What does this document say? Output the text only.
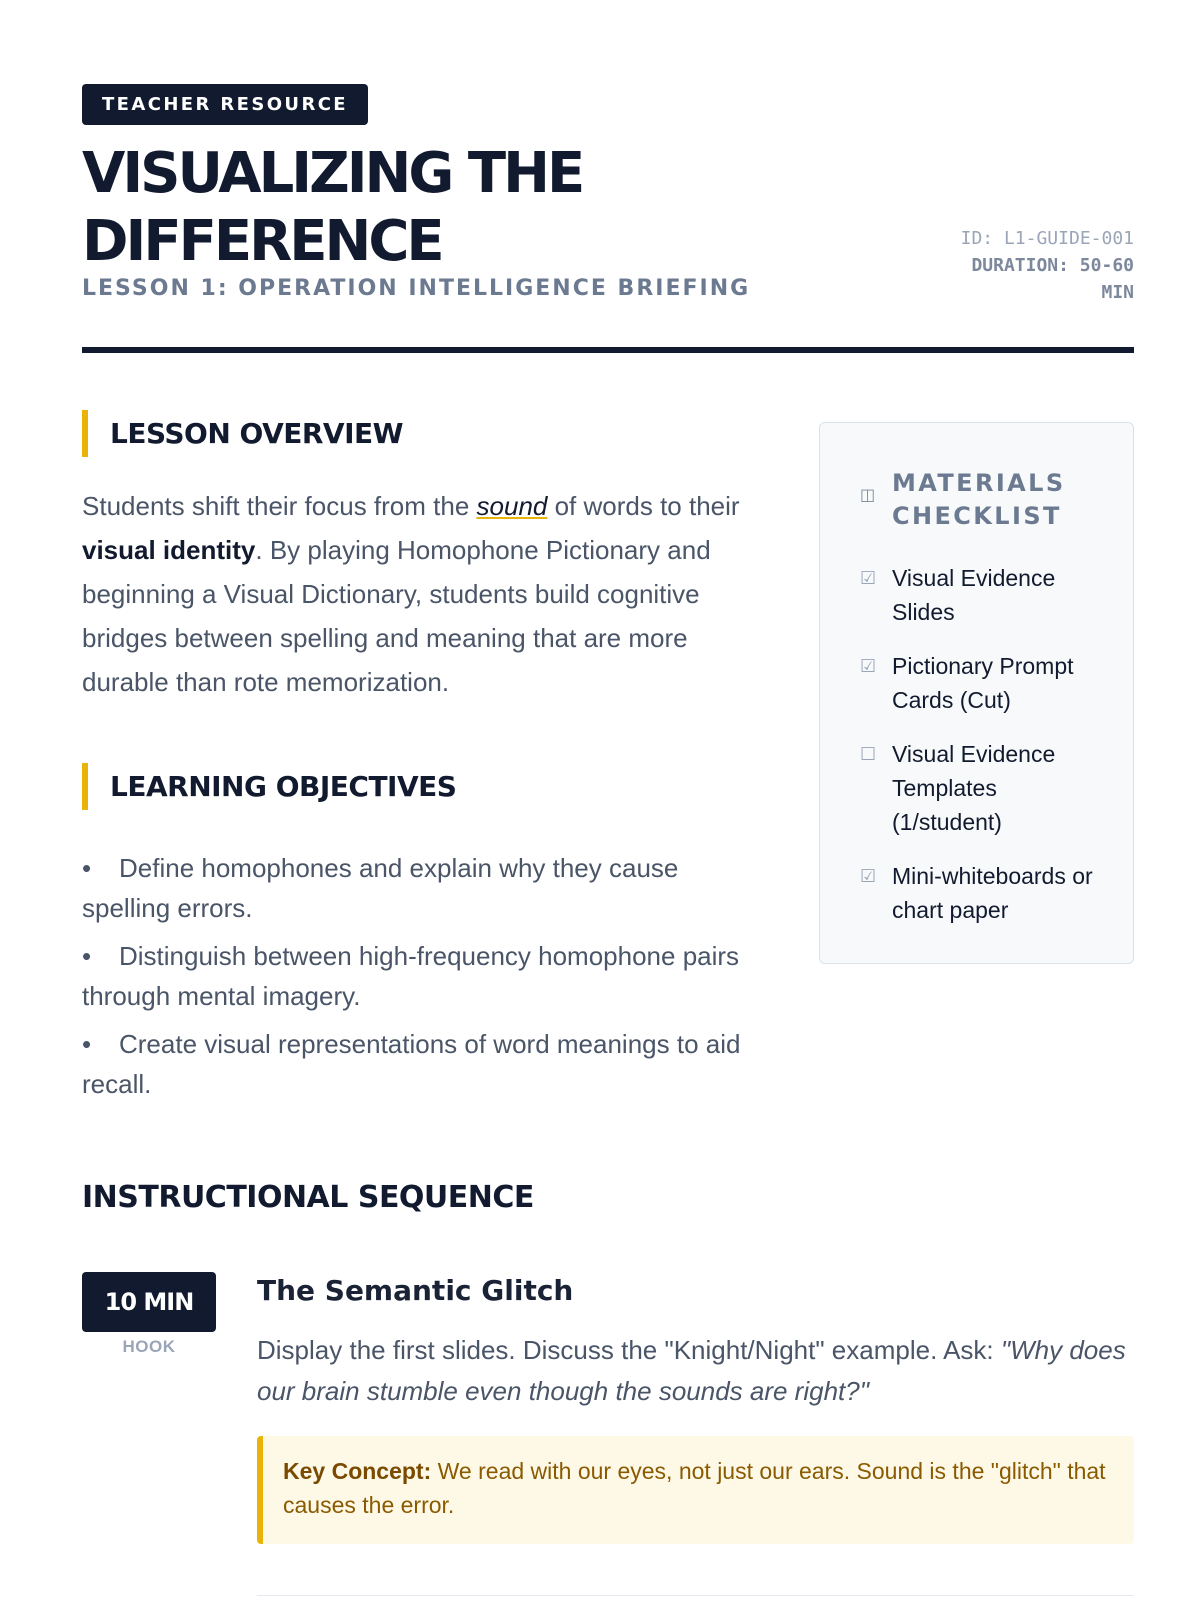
TEACHER RESOURCE
VISUALIZING THE DIFFERENCE
LESSON 1: OPERATION INTELLIGENCE BRIEFING
ID: L1-GUIDE-001
DURATION: 50-60 MIN
LESSON OVERVIEW

Students shift their focus from the sound of words to their visual identity. By playing Homophone Pictionary and beginning a Visual Dictionary, students build cognitive bridges between spelling and meaning that are more durable than rote memorization.

LEARNING OBJECTIVES
• Define homophones and explain why they cause spelling errors.
• Distinguish between high-frequency homophone pairs through mental imagery.
• Create visual representations of word meanings to aid recall.
◫ MATERIALS
CHECKLIST
☑ Visual Evidence Slides
☑ Pictionary Prompt Cards (Cut)
☐ Visual Evidence Templates (1/student)
☑ Mini-whiteboards or chart paper
INSTRUCTIONAL SEQUENCE
10 MIN
HOOK
The Semantic Glitch

Display the first slides. Discuss the "Knight/Night" example. Ask: "Why does our brain stumble even though the sounds are right?"

Key Concept: We read with our eyes, not just our ears. Sound is the "glitch" that causes the error.
